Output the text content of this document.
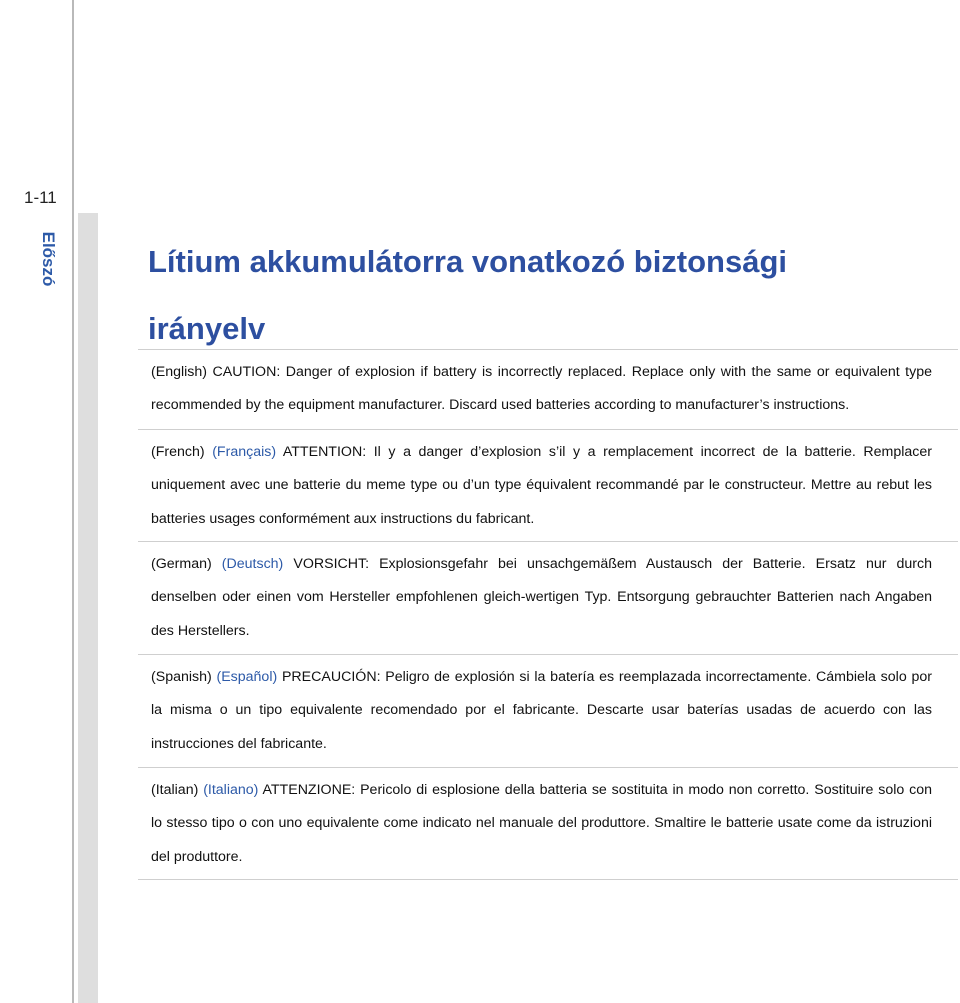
1-11
Előszó	Lítium akkumulátorra vonatkozó biztonsági irányelv

(English) CAUTION: Danger of explosion if battery is incorrectly replaced. Replace only with the same or equivalent type recommended by the equipment manufacturer. Discard used batteries according to manufacturer’s instructions.

(French) (Français) ATTENTION: Il y a danger d’explosion s’il y a remplacement incorrect de la batterie. Remplacer uniquement avec une batterie du meme type ou d’un type équivalent recommandé par le constructeur. Mettre au rebut les batteries usages conformément aux instructions du fabricant.

(German) (Deutsch) VORSICHT: Explosionsgefahr bei unsachgemäßem Austausch der Batterie. Ersatz nur durch denselben oder einen vom Hersteller empfohlenen gleich-wertigen Typ. Entsorgung gebrauchter Batterien nach Angaben des Herstellers.

(Spanish) (Español) PRECAUCIÓN: Peligro de explosión si la batería es reemplazada incorrectamente. Cámbiela solo por la misma o un tipo equivalente recomendado por el fabricante. Descarte usar baterías usadas de acuerdo con las instrucciones del fabricante.

(Italian) (Italiano) ATTENZIONE: Pericolo di esplosione della batteria se sostituita in modo non corretto. Sostituire solo con lo stesso tipo o con uno equivalente come indicato nel manuale del produttore. Smaltire le batterie usate come da istruzioni del produttore.
